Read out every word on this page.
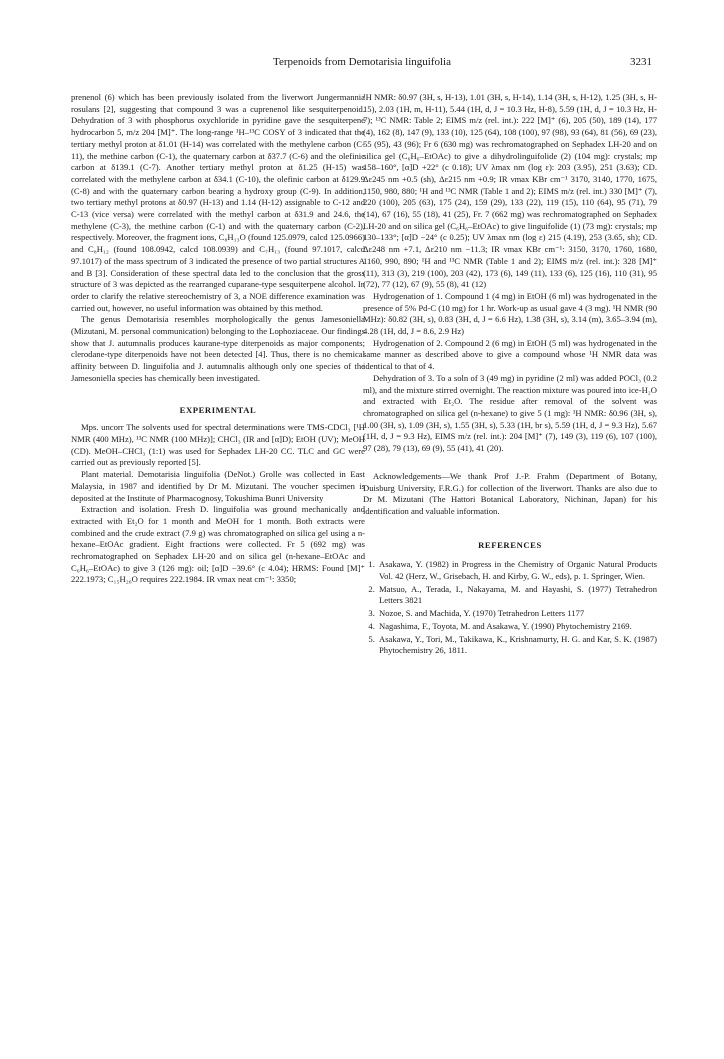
Terpenoids from Demotarisia linguifolia	3231

prenenol (6) which has been previously isolated from the liverwort Jungermannia rosulans [2], suggesting that compound 3 was a cuprenenol like sesquiterpenoid. Dehydration of 3 with phosphorus oxychloride in pyridine gave the sesquiterpene hydrocarbon 5, m/z 204 [M]⁺. The long-range ¹H–¹³C COSY of 3 indicated that the tertiary methyl proton at δ1.01 (H-14) was correlated with the methylene carbon (C-11), the methine carbon (C-1), the quaternary carbon at δ37.7 (C-6) and the olefinic carbon at δ139.1 (C-7). Another tertiary methyl proton at δ1.25 (H-15) was correlated with the methylene carbon at δ34.1 (C-10), the olefinic carbon at δ129.9 (C-8) and with the quaternary carbon bearing a hydroxy group (C-9). In addition, two tertiary methyl protons at δ0.97 (H-13) and 1.14 (H-12) assignable to C-12 and C-13 (vice versa) were correlated with the methyl carbon at δ31.9 and 24.6, the methylene (C-3), the methine carbon (C-1) and with the quaternary carbon (C-2), respectively. Moreover, the fragment ions, C₈H₁₃O (found 125.0979, calcd 125.0966) and C₈H₁₂ (found 108.0942, calcd 108.0939) and C₇H₁₃ (found 97.1017, calcd 97.1017) of the mass spectrum of 3 indicated the presence of two partial structures A and B [3]. Consideration of these spectral data led to the conclusion that the gross structure of 3 was depicted as the rearranged cuparane-type sesquiterpene alcohol. In order to clarify the relative stereochemistry of 3, a NOE difference examination was carried out, however, no useful information was obtained by this method.

The genus Demotarisia resembles morphologically the genus Jamesoniella (Mizutani, M. personal communication) belonging to the Lophoziaceae. Our findings show that J. autumnalis produces kaurane-type diterpenoids as major components; clerodane-type diterpenoids have not been detected [4]. Thus, there is no chemical affinity between D. linguifolia and J. autumnalis although only one species of the Jamesoniella species has chemically been investigated.

EXPERIMENTAL

Mps. uncorr The solvents used for spectral determinations were TMS-CDCl₃ [¹H NMR (400 MHz), ¹³C NMR (100 MHz)]; CHCl₃ (IR and [α]D); EtOH (UV); MeOH (CD). MeOH–CHCl₃ (1:1) was used for Sephadex LH-20 CC. TLC and GC were carried out as previously reported [5].

Plant material. Demotarisia linguifolia (DeNot.) Grolle was collected in East Malaysia, in 1987 and identified by Dr M. Mizutani. The voucher specimen is deposited at the Institute of Pharmacognosy, Tokushima Bunri University

Extraction and isolation. Fresh D. linguifolia was ground mechanically and extracted with Et₂O for 1 month and MeOH for 1 month. Both extracts were combined and the crude extract (7.9 g) was chromatographed on silica gel using a n-hexane–EtOAc gradient. Eight fractions were collected. Fr 5 (692 mg) was rechromatographed on Sephadex LH-20 and on silica gel (n-hexane–EtOAc and C₆H₆–EtOAc) to give 3 (126 mg): oil; [α]D −39.6° (c 4.04); HRMS: Found [M]⁺ 222.1973; C₁₅H₂₆O requires 222.1984. IR νmax neat cm⁻¹: 3350;

¹H NMR: δ0.97 (3H, s, H-13), 1.01 (3H, s, H-14), 1.14 (3H, s, H-12), 1.25 (3H, s, H-15), 2.03 (1H, m, H-11), 5.44 (1H, d, J = 10.3 Hz, H-8), 5.59 (1H, d, J = 10.3 Hz, H-7); ¹³C NMR: Table 2; EIMS m/z (rel. int.): 222 [M]⁺ (6), 205 (50), 189 (14), 177 (4), 162 (8), 147 (9), 133 (10), 125 (64), 108 (100), 97 (98), 93 (64), 81 (56), 69 (23), 55 (95), 43 (96); Fr 6 (630 mg) was rechromatographed on Sephadex LH-20 and on silica gel (C₆H₆–EtOAc) to give a dihydrolinguifolide (2) (104 mg): crystals; mp 158–160°, [α]D +22° (c 0.18); UV λmax nm (log ε): 203 (3.95), 251 (3.63); CD. Δε245 nm +0.5 (sh), Δε215 nm +0.9; IR νmax KBr cm⁻¹ 3170, 3140, 1770, 1675, 1150, 980, 880; ¹H and ¹³C NMR (Table 1 and 2); EIMS m/z (rel. int.) 330 [M]⁺ (7), 220 (100), 205 (63), 175 (24), 159 (29), 133 (22), 119 (15), 110 (64), 95 (71), 79 (14), 67 (16), 55 (18), 41 (25), Fr. 7 (662 mg) was rechromatographed on Sephadex LH-20 and on silica gel (C₆H₆–EtOAc) to give linguifolide (1) (73 mg): crystals; mp 130–133°; [α]D −24° (c 0.25); UV λmax nm (log ε) 215 (4.19), 253 (3.65, sh); CD. Δε248 nm +7.1, Δε210 nm −11.3; IR νmax KBr cm⁻¹: 3150, 3170, 1760, 1680, 1160, 990, 890; ¹H and ¹³C NMR (Table 1 and 2); EIMS m/z (rel. int.): 328 [M]⁺ (11), 313 (3), 219 (100), 203 (42), 173 (6), 149 (11), 133 (6), 125 (16), 110 (31), 95 (72), 77 (12), 67 (9), 55 (8), 41 (12)

Hydrogenation of 1. Compound 1 (4 mg) in EtOH (6 ml) was hydrogenated in the presence of 5% Pd-C (10 mg) for 1 hr. Work-up as usual gave 4 (3 mg). ¹H NMR (90 MHz): δ0.82 (3H, s), 0.83 (3H, d, J = 6.6 Hz), 1.38 (3H, s), 3.14 (m), 3.65–3.94 (m), 4.28 (1H, dd, J = 8.6, 2.9 Hz)

Hydrogenation of 2. Compound 2 (6 mg) in EtOH (5 ml) was hydrogenated in the same manner as described above to give a compound whose ¹H NMR data was identical to that of 4.

Dehydration of 3. To a soln of 3 (49 mg) in pyridine (2 ml) was added POCl₃ (0.2 ml), and the mixture stirred overnight. The reaction mixture was poured into ice-H₂O and extracted with Et₂O. The residue after removal of the solvent was chromatographed on silica gel (n-hexane) to give 5 (1 mg): ¹H NMR: δ0.96 (3H, s), 1.00 (3H, s), 1.09 (3H, s), 1.55 (3H, s), 5.33 (1H, br s), 5.59 (1H, d, J = 9.3 Hz), 5.67 (1H, d, J = 9.3 Hz), EIMS m/z (rel. int.): 204 [M]⁺ (7), 149 (3), 119 (6), 107 (100), 97 (28), 79 (13), 69 (9), 55 (41), 41 (20).

Acknowledgements—We thank Prof J.-P. Frahm (Department of Botany, Duisburg University, F.R.G.) for collection of the liverwort. Thanks are also due to Dr M. Mizutani (The Hattori Botanical Laboratory, Nichinan, Japan) for his identification and valuable information.

REFERENCES

1. Asakawa, Y. (1982) in Progress in the Chemistry of Organic Natural Products Vol. 42 (Herz, W., Grisebach, H. and Kirby, G. W., eds), p. 1. Springer, Wien.
2. Matsuo, A., Terada, I., Nakayama, M. and Hayashi, S. (1977) Tetrahedron Letters 3821
3. Nozoe, S. and Machida, Y. (1970) Tetrahedron Letters 1177
4. Nagashima, F., Toyota, M. and Asakawa, Y. (1990) Phytochemistry 2169.
5. Asakawa, Y., Tori, M., Takikawa, K., Krishnamurty, H. G. and Kar, S. K. (1987) Phytochemistry 26, 1811.
